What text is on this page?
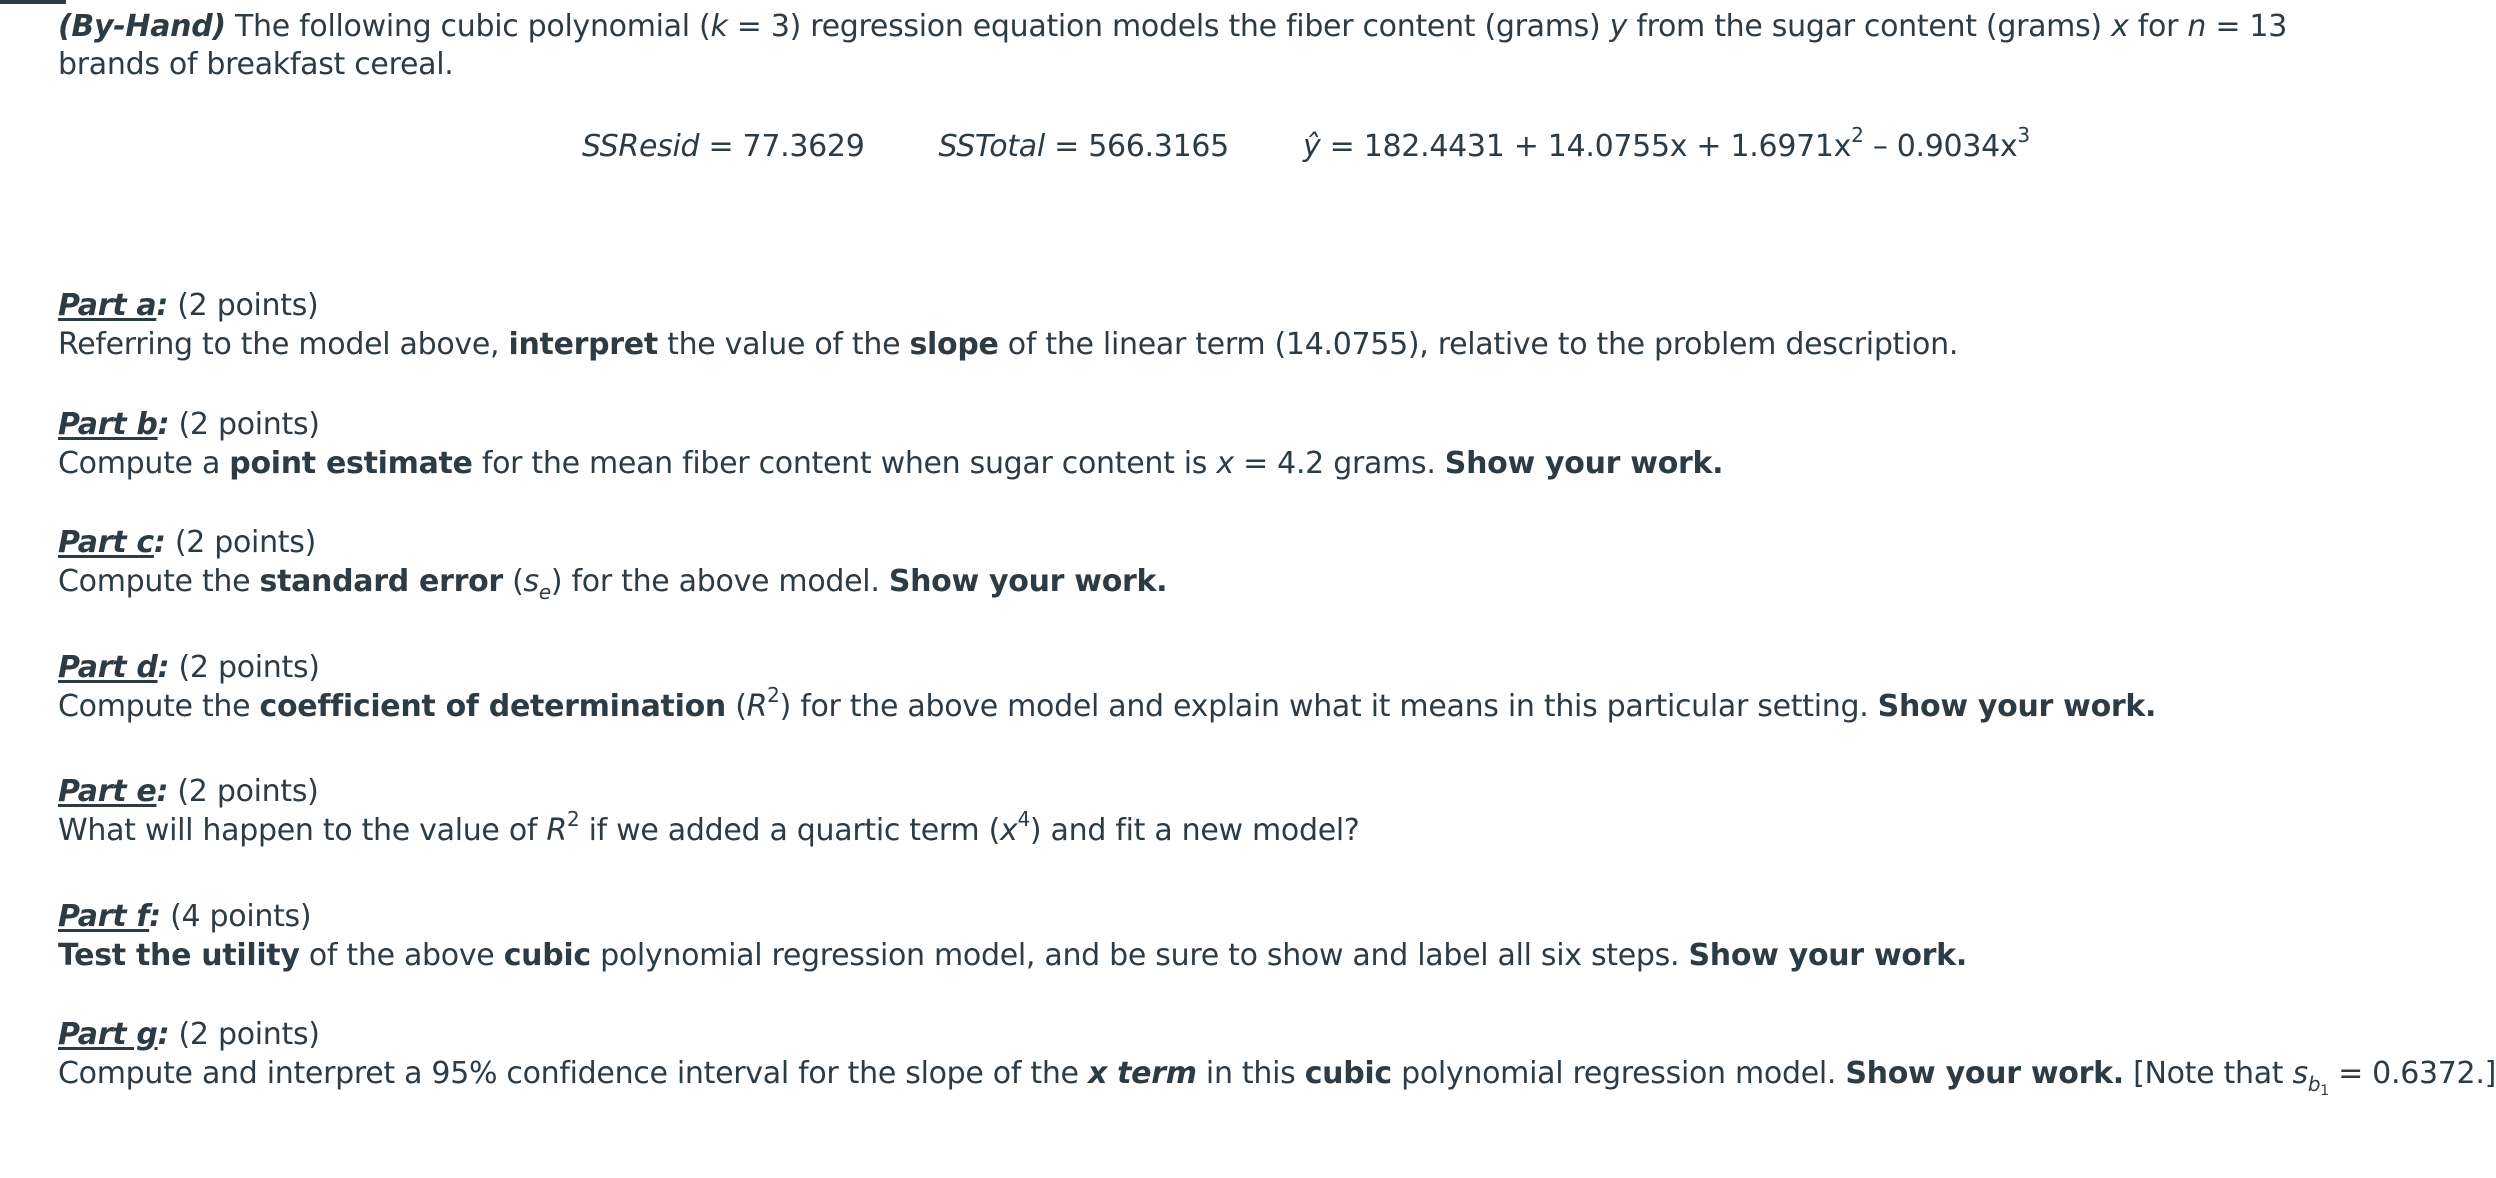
(By-Hand) The following cubic polynomial (k = 3) regression equation models the fiber content (grams) y from the sugar content (grams) x for n = 13 brands of breakfast cereal.
SSResid = 77.3629 SSTotal = 566.3165 ŷ = $182.4431 + 14.0755x + 1.6971x^2 - 0.9034x^3$
Part a: (2 points)
Referring to the model above, interpret the value of the slope of the linear term (14.0755), relative to the problem description.
Part b: (2 points)
Compute a point estimate for the mean fiber content when sugar content is x = 4.2 grams. Show your work.
Part c: (2 points)
Compute the standard error $(s_e)$ for the above model. Show your work.
Part d: (2 points)
Compute the coefficient of determination $(R^2)$ for the above model and explain what it means in this particular setting. Show your work.
Part e: (2 points)
What will happen to the value of $R^2$ if we added a quartic term $(x^4)$ and fit a new model?
Part f: (4 points)
Test the utility of the above cubic polynomial regression model, and be sure to show and label all six steps. Show your work.
Part g: (2 points)
Compute and interpret a 95% confidence interval for the slope of the x term in this cubic polynomial regression model. Show your work. [Note that $s_{b_1} = 0.6372$.]
